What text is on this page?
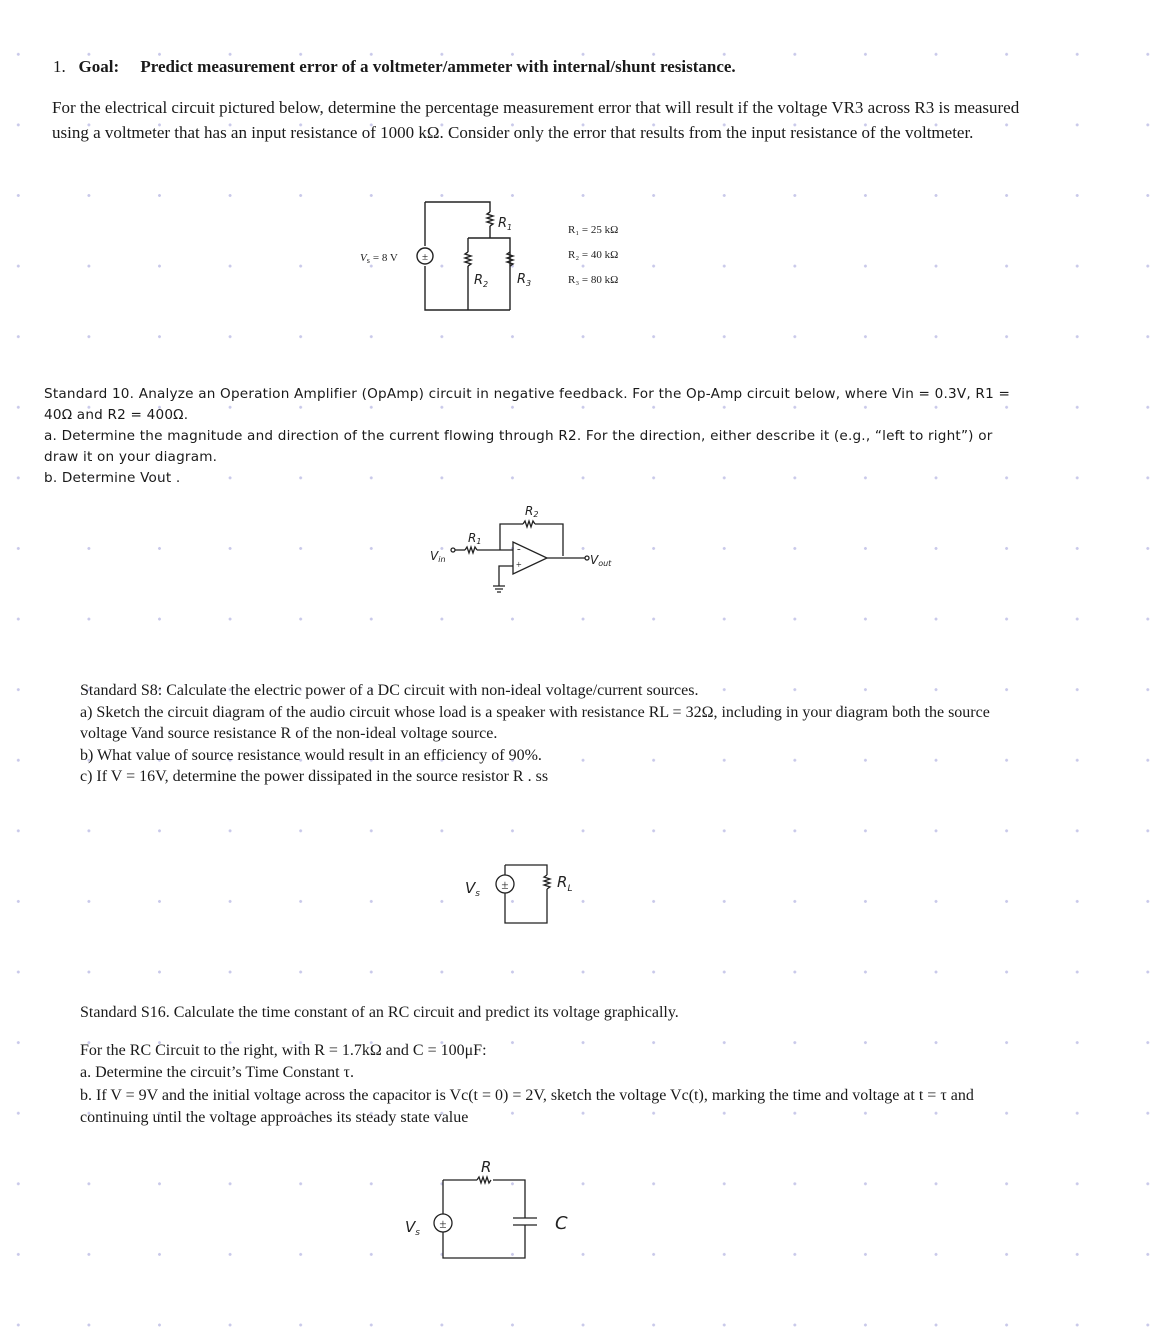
1. Goal: Predict measurement error of a voltmeter/ammeter with internal/shunt resistance.

For the electrical circuit pictured below, determine the percentage measurement error that will result if the voltage VR3 across R3 is measured using a voltmeter that has an input resistance of 1000 kΩ. Consider only the error that results from the input resistance of the voltmeter.

±
Vs = 8 V
$R_1$
$R_2$ $R_3$
R₁ = 25 kΩ
R₂ = 40 kΩ
R₃ = 80 kΩ

Standard 10. Analyze an Operation Amplifier (OpAmp) circuit in negative feedback. For the Op-Amp circuit below, where Vin = 0.3V, R1 =

40Ω and R2 = 400Ω.

a. Determine the magnitude and direction of the current flowing through R2. For the direction, either describe it (e.g., “left to right”) or

draw it on your diagram.

b. Determine Vout .

-
+
Vin
R1
R2
Vout

Standard S8: Calculate the electric power of a DC circuit with non-ideal voltage/current sources.

a) Sketch the circuit diagram of the audio circuit whose load is a speaker with resistance RL = 32Ω, including in your diagram both the source

voltage Vand source resistance R of the non-ideal voltage source.

b) What value of source resistance would result in an efficiency of 90%.

c) If V = 16V, determine the power dissipated in the source resistor R . ss

±
$V_s$
$R_L$

Standard S16. Calculate the time constant of an RC circuit and predict its voltage graphically.

For the RC Circuit to the right, with R = 1.7kΩ and C = 100μF:

a. Determine the circuit’s Time Constant τ.

b. If V = 9V and the initial voltage across the capacitor is Vc(t = 0) = 2V, sketch the voltage Vc(t), marking the time and voltage at t = τ and

continuing until the voltage approaches its steady state value

±
$V_s$
R
C
